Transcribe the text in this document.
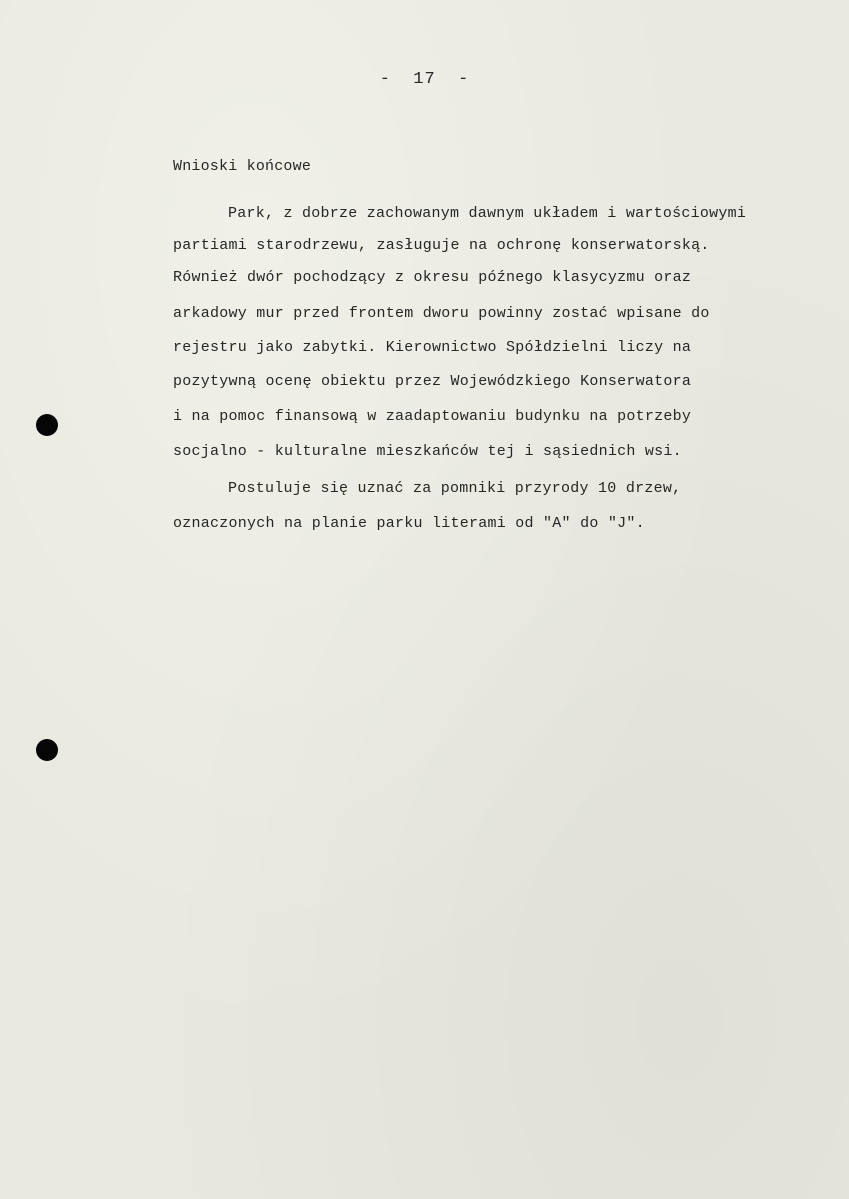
-  17  -
Wnioski końcowe
Park, z dobrze zachowanym dawnym układem i wartościowymi
partiami starodrzewu, zasługuje na ochronę konserwatorską.
Również dwór pochodzący z okresu późnego klasycyzmu oraz
arkadowy mur przed frontem dworu powinny zostać wpisane do
rejestru jako zabytki. Kierownictwo Spółdzielni liczy na
pozytywną ocenę obiektu przez Wojewódzkiego Konserwatora
i na pomoc finansową w zaadaptowaniu budynku na potrzeby
socjalno - kulturalne mieszkańców tej i sąsiednich wsi.
Postuluje się uznać za pomniki przyrody 10 drzew,
oznaczonych na planie parku literami od "A" do "J".
